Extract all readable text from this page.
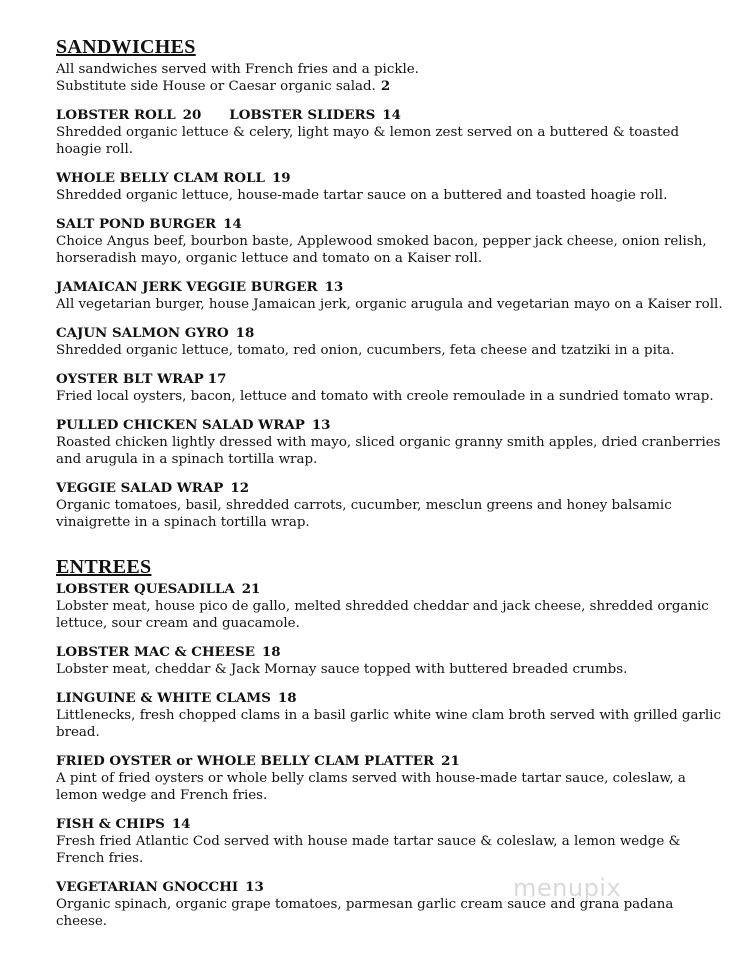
SANDWICHES
All sandwiches served with French fries and a pickle.
Substitute side House or Caesar organic salad. 2
LOBSTER ROLL 20 LOBSTER SLIDERS 14
Shredded organic lettuce & celery, light mayo & lemon zest served on a buttered & toasted hoagie roll.
WHOLE BELLY CLAM ROLL 19
Shredded organic lettuce, house-made tartar sauce on a buttered and toasted hoagie roll.
SALT POND BURGER 14
Choice Angus beef, bourbon baste, Applewood smoked bacon, pepper jack cheese, onion relish, horseradish mayo, organic lettuce and tomato on a Kaiser roll.
JAMAICAN JERK VEGGIE BURGER 13
All vegetarian burger, house Jamaican jerk, organic arugula and vegetarian mayo on a Kaiser roll.
CAJUN SALMON GYRO 18
Shredded organic lettuce, tomato, red onion, cucumbers, feta cheese and tzatziki in a pita.
OYSTER BLT WRAP 17
Fried local oysters, bacon, lettuce and tomato with creole remoulade in a sundried tomato wrap.
PULLED CHICKEN SALAD WRAP 13
Roasted chicken lightly dressed with mayo, sliced organic granny smith apples, dried cranberries and arugula in a spinach tortilla wrap.
VEGGIE SALAD WRAP 12
Organic tomatoes, basil, shredded carrots, cucumber, mesclun greens and honey balsamic vinaigrette in a spinach tortilla wrap.
ENTREES
LOBSTER QUESADILLA 21
Lobster meat, house pico de gallo, melted shredded cheddar and jack cheese, shredded organic lettuce, sour cream and guacamole.
LOBSTER MAC & CHEESE 18
Lobster meat, cheddar & Jack Mornay sauce topped with buttered breaded crumbs.
LINGUINE & WHITE CLAMS 18
Littlenecks, fresh chopped clams in a basil garlic white wine clam broth served with grilled garlic bread.
FRIED OYSTER or WHOLE BELLY CLAM PLATTER 21
A pint of fried oysters or whole belly clams served with house-made tartar sauce, coleslaw, a lemon wedge and French fries.
FISH & CHIPS 14
Fresh fried Atlantic Cod served with house made tartar sauce & coleslaw, a lemon wedge & French fries.
VEGETARIAN GNOCCHI 13
Organic spinach, organic grape tomatoes, parmesan garlic cream sauce and grana padana cheese.
menupix
